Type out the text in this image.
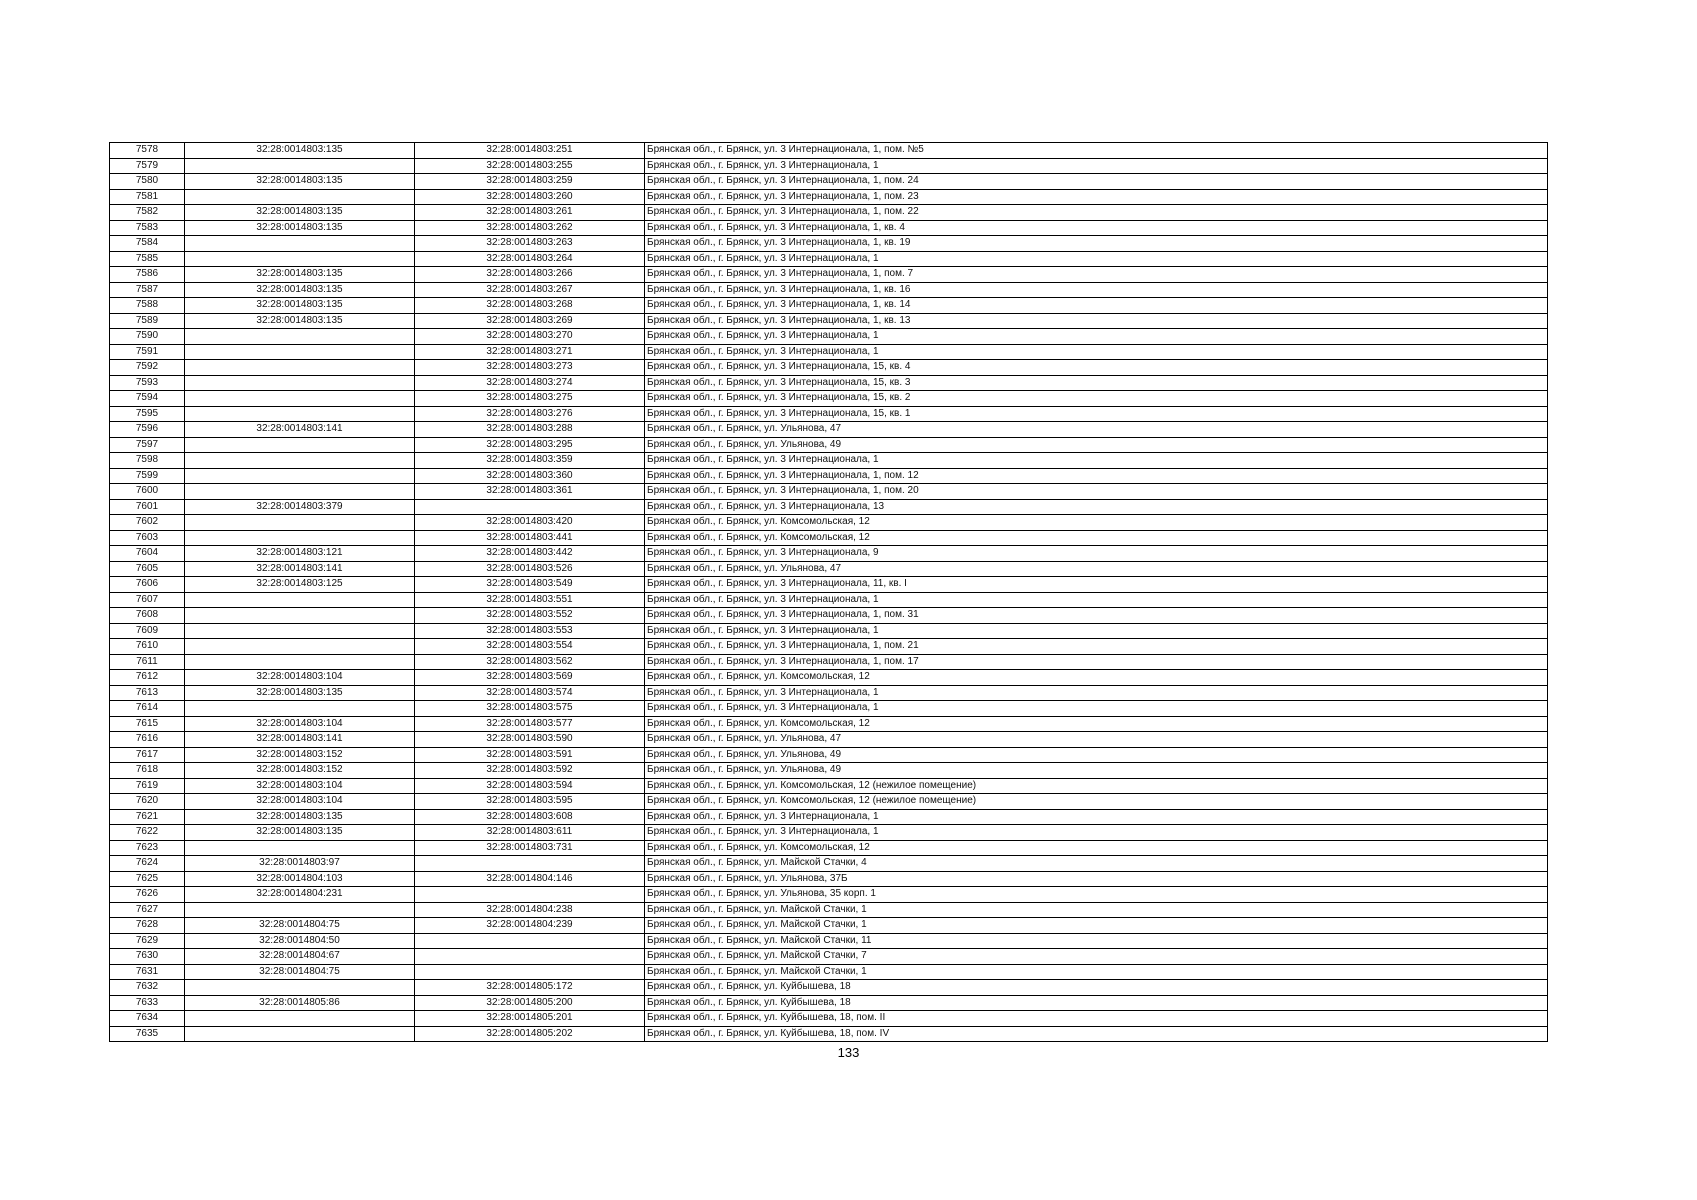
7578	32:28:0014803:135	32:28:0014803:251	Брянская обл., г. Брянск, ул. 3 Интернационала, 1, пом. №5
7579		32:28:0014803:255	Брянская обл., г. Брянск, ул. 3 Интернационала, 1
7580	32:28:0014803:135	32:28:0014803:259	Брянская обл., г. Брянск, ул. 3 Интернационала, 1, пом. 24
7581		32:28:0014803:260	Брянская обл., г. Брянск, ул. 3 Интернационала, 1, пом. 23
7582	32:28:0014803:135	32:28:0014803:261	Брянская обл., г. Брянск, ул. 3 Интернационала, 1, пом. 22
7583	32:28:0014803:135	32:28:0014803:262	Брянская обл., г. Брянск, ул. 3 Интернационала, 1, кв. 4
7584		32:28:0014803:263	Брянская обл., г. Брянск, ул. 3 Интернационала, 1, кв. 19
7585		32:28:0014803:264	Брянская обл., г. Брянск, ул. 3 Интернационала, 1
7586	32:28:0014803:135	32:28:0014803:266	Брянская обл., г. Брянск, ул. 3 Интернационала, 1, пом. 7
7587	32:28:0014803:135	32:28:0014803:267	Брянская обл., г. Брянск, ул. 3 Интернационала, 1, кв. 16
7588	32:28:0014803:135	32:28:0014803:268	Брянская обл., г. Брянск, ул. 3 Интернационала, 1, кв. 14
7589	32:28:0014803:135	32:28:0014803:269	Брянская обл., г. Брянск, ул. 3 Интернационала, 1, кв. 13
7590		32:28:0014803:270	Брянская обл., г. Брянск, ул. 3 Интернационала, 1
7591		32:28:0014803:271	Брянская обл., г. Брянск, ул. 3 Интернационала, 1
7592		32:28:0014803:273	Брянская обл., г. Брянск, ул. 3 Интернационала, 15, кв. 4
7593		32:28:0014803:274	Брянская обл., г. Брянск, ул. 3 Интернационала, 15, кв. 3
7594		32:28:0014803:275	Брянская обл., г. Брянск, ул. 3 Интернационала, 15, кв. 2
7595		32:28:0014803:276	Брянская обл., г. Брянск, ул. 3 Интернационала, 15, кв. 1
7596	32:28:0014803:141	32:28:0014803:288	Брянская обл., г. Брянск, ул. Ульянова, 47
7597		32:28:0014803:295	Брянская обл., г. Брянск, ул. Ульянова, 49
7598		32:28:0014803:359	Брянская обл., г. Брянск, ул. 3 Интернационала, 1
7599		32:28:0014803:360	Брянская обл., г. Брянск, ул. 3 Интернационала, 1, пом. 12
7600		32:28:0014803:361	Брянская обл., г. Брянск, ул. 3 Интернационала, 1, пом. 20
7601	32:28:0014803:379		Брянская обл., г. Брянск, ул. 3 Интернационала, 13
7602		32:28:0014803:420	Брянская обл., г. Брянск, ул. Комсомольская, 12
7603		32:28:0014803:441	Брянская обл., г. Брянск, ул. Комсомольская, 12
7604	32:28:0014803:121	32:28:0014803:442	Брянская обл., г. Брянск, ул. 3 Интернационала, 9
7605	32:28:0014803:141	32:28:0014803:526	Брянская обл., г. Брянск, ул. Ульянова, 47
7606	32:28:0014803:125	32:28:0014803:549	Брянская обл., г. Брянск, ул. 3 Интернационала, 11, кв. I
7607		32:28:0014803:551	Брянская обл., г. Брянск, ул. 3 Интернационала, 1
7608		32:28:0014803:552	Брянская обл., г. Брянск, ул. 3 Интернационала, 1, пом. 31
7609		32:28:0014803:553	Брянская обл., г. Брянск, ул. 3 Интернационала, 1
7610		32:28:0014803:554	Брянская обл., г. Брянск, ул. 3 Интернационала, 1, пом. 21
7611		32:28:0014803:562	Брянская обл., г. Брянск, ул. 3 Интернационала, 1, пом. 17
7612	32:28:0014803:104	32:28:0014803:569	Брянская обл., г. Брянск, ул. Комсомольская, 12
7613	32:28:0014803:135	32:28:0014803:574	Брянская обл., г. Брянск, ул. 3 Интернационала, 1
7614		32:28:0014803:575	Брянская обл., г. Брянск, ул. 3 Интернационала, 1
7615	32:28:0014803:104	32:28:0014803:577	Брянская обл., г. Брянск, ул. Комсомольская, 12
7616	32:28:0014803:141	32:28:0014803:590	Брянская обл., г. Брянск, ул. Ульянова, 47
7617	32:28:0014803:152	32:28:0014803:591	Брянская обл., г. Брянск, ул. Ульянова, 49
7618	32:28:0014803:152	32:28:0014803:592	Брянская обл., г. Брянск, ул. Ульянова, 49
7619	32:28:0014803:104	32:28:0014803:594	Брянская обл., г. Брянск, ул. Комсомольская, 12 (нежилое помещение)
7620	32:28:0014803:104	32:28:0014803:595	Брянская обл., г. Брянск, ул. Комсомольская, 12 (нежилое помещение)
7621	32:28:0014803:135	32:28:0014803:608	Брянская обл., г. Брянск, ул. 3 Интернационала, 1
7622	32:28:0014803:135	32:28:0014803:611	Брянская обл., г. Брянск, ул. 3 Интернационала, 1
7623		32:28:0014803:731	Брянская обл., г. Брянск, ул. Комсомольская, 12
7624	32:28:0014803:97		Брянская обл., г. Брянск, ул. Майской Стачки, 4
7625	32:28:0014804:103	32:28:0014804:146	Брянская обл., г. Брянск, ул. Ульянова, 37Б
7626	32:28:0014804:231		Брянская обл., г. Брянск, ул. Ульянова, 35 корп. 1
7627		32:28:0014804:238	Брянская обл., г. Брянск, ул. Майской Стачки, 1
7628	32:28:0014804:75	32:28:0014804:239	Брянская обл., г. Брянск, ул. Майской Стачки, 1
7629	32:28:0014804:50		Брянская обл., г. Брянск, ул. Майской Стачки, 11
7630	32:28:0014804:67		Брянская обл., г. Брянск, ул. Майской Стачки, 7
7631	32:28:0014804:75		Брянская обл., г. Брянск, ул. Майской Стачки, 1
7632		32:28:0014805:172	Брянская обл., г. Брянск, ул. Куйбышева, 18
7633	32:28:0014805:86	32:28:0014805:200	Брянская обл., г. Брянск, ул. Куйбышева, 18
7634		32:28:0014805:201	Брянская обл., г. Брянск, ул. Куйбышева, 18, пом. II
7635		32:28:0014805:202	Брянская обл., г. Брянск, ул. Куйбышева, 18, пом. IV
133
